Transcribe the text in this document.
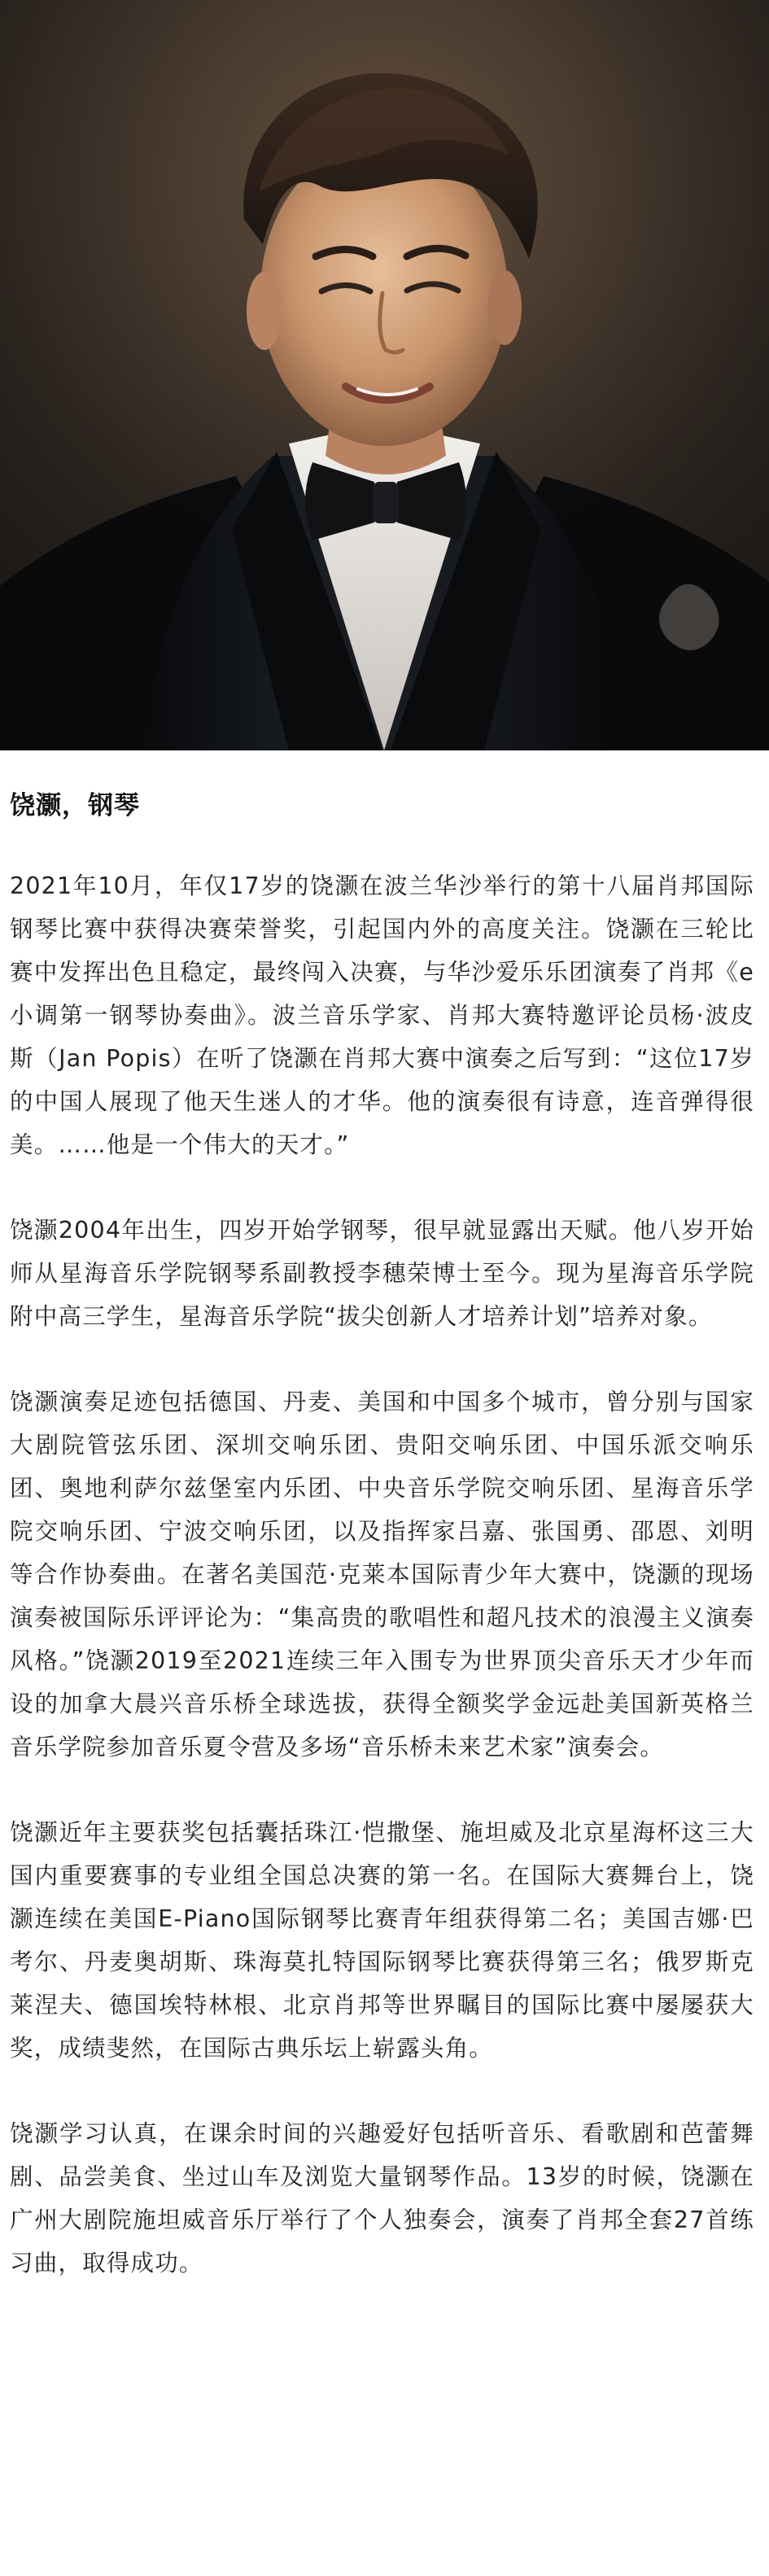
饶灏，钢琴

2021年10月，年仅17岁的饶灏在波兰华沙举行的第十八届肖邦国际钢琴比赛中获得决赛荣誉奖，引起国内外的高度关注。饶灏在三轮比赛中发挥出色且稳定，最终闯入决赛，与华沙爱乐乐团演奏了肖邦《e小调第一钢琴协奏曲》。波兰音乐学家、肖邦大赛特邀评论员杨·波皮斯（Jan Popis）在听了饶灏在肖邦大赛中演奏之后写到：“这位17岁的中国人展现了他天生迷人的才华。他的演奏很有诗意，连音弹得很美。……他是一个伟大的天才。”

饶灏2004年出生，四岁开始学钢琴，很早就显露出天赋。他八岁开始师从星海音乐学院钢琴系副教授李穗荣博士至今。现为星海音乐学院附中高三学生，星海音乐学院“拔尖创新人才培养计划”培养对象。

饶灏演奏足迹包括德国、丹麦、美国和中国多个城市，曾分别与国家大剧院管弦乐团、深圳交响乐团、贵阳交响乐团、中国乐派交响乐团、奥地利萨尔兹堡室内乐团、中央音乐学院交响乐团、星海音乐学院交响乐团、宁波交响乐团，以及指挥家吕嘉、张国勇、邵恩、刘明等合作协奏曲。在著名美国范·克莱本国际青少年大赛中，饶灏的现场演奏被国际乐评评论为：“集高贵的歌唱性和超凡技术的浪漫主义演奏风格。”饶灏2019至2021连续三年入围专为世界顶尖音乐天才少年而设的加拿大晨兴音乐桥全球选拔，获得全额奖学金远赴美国新英格兰音乐学院参加音乐夏令营及多场“音乐桥未来艺术家”演奏会。

饶灏近年主要获奖包括囊括珠江·恺撒堡、施坦威及北京星海杯这三大国内重要赛事的专业组全国总决赛的第一名。在国际大赛舞台上，饶灏连续在美国E-Piano国际钢琴比赛青年组获得第二名；美国吉娜·巴考尔、丹麦奥胡斯、珠海莫扎特国际钢琴比赛获得第三名；俄罗斯克莱涅夫、德国埃特林根、北京肖邦等世界瞩目的国际比赛中屡屡获大奖，成绩斐然，在国际古典乐坛上崭露头角。

饶灏学习认真，在课余时间的兴趣爱好包括听音乐、看歌剧和芭蕾舞剧、品尝美食、坐过山车及浏览大量钢琴作品。13岁的时候，饶灏在广州大剧院施坦威音乐厅举行了个人独奏会，演奏了肖邦全套27首练习曲，取得成功。
